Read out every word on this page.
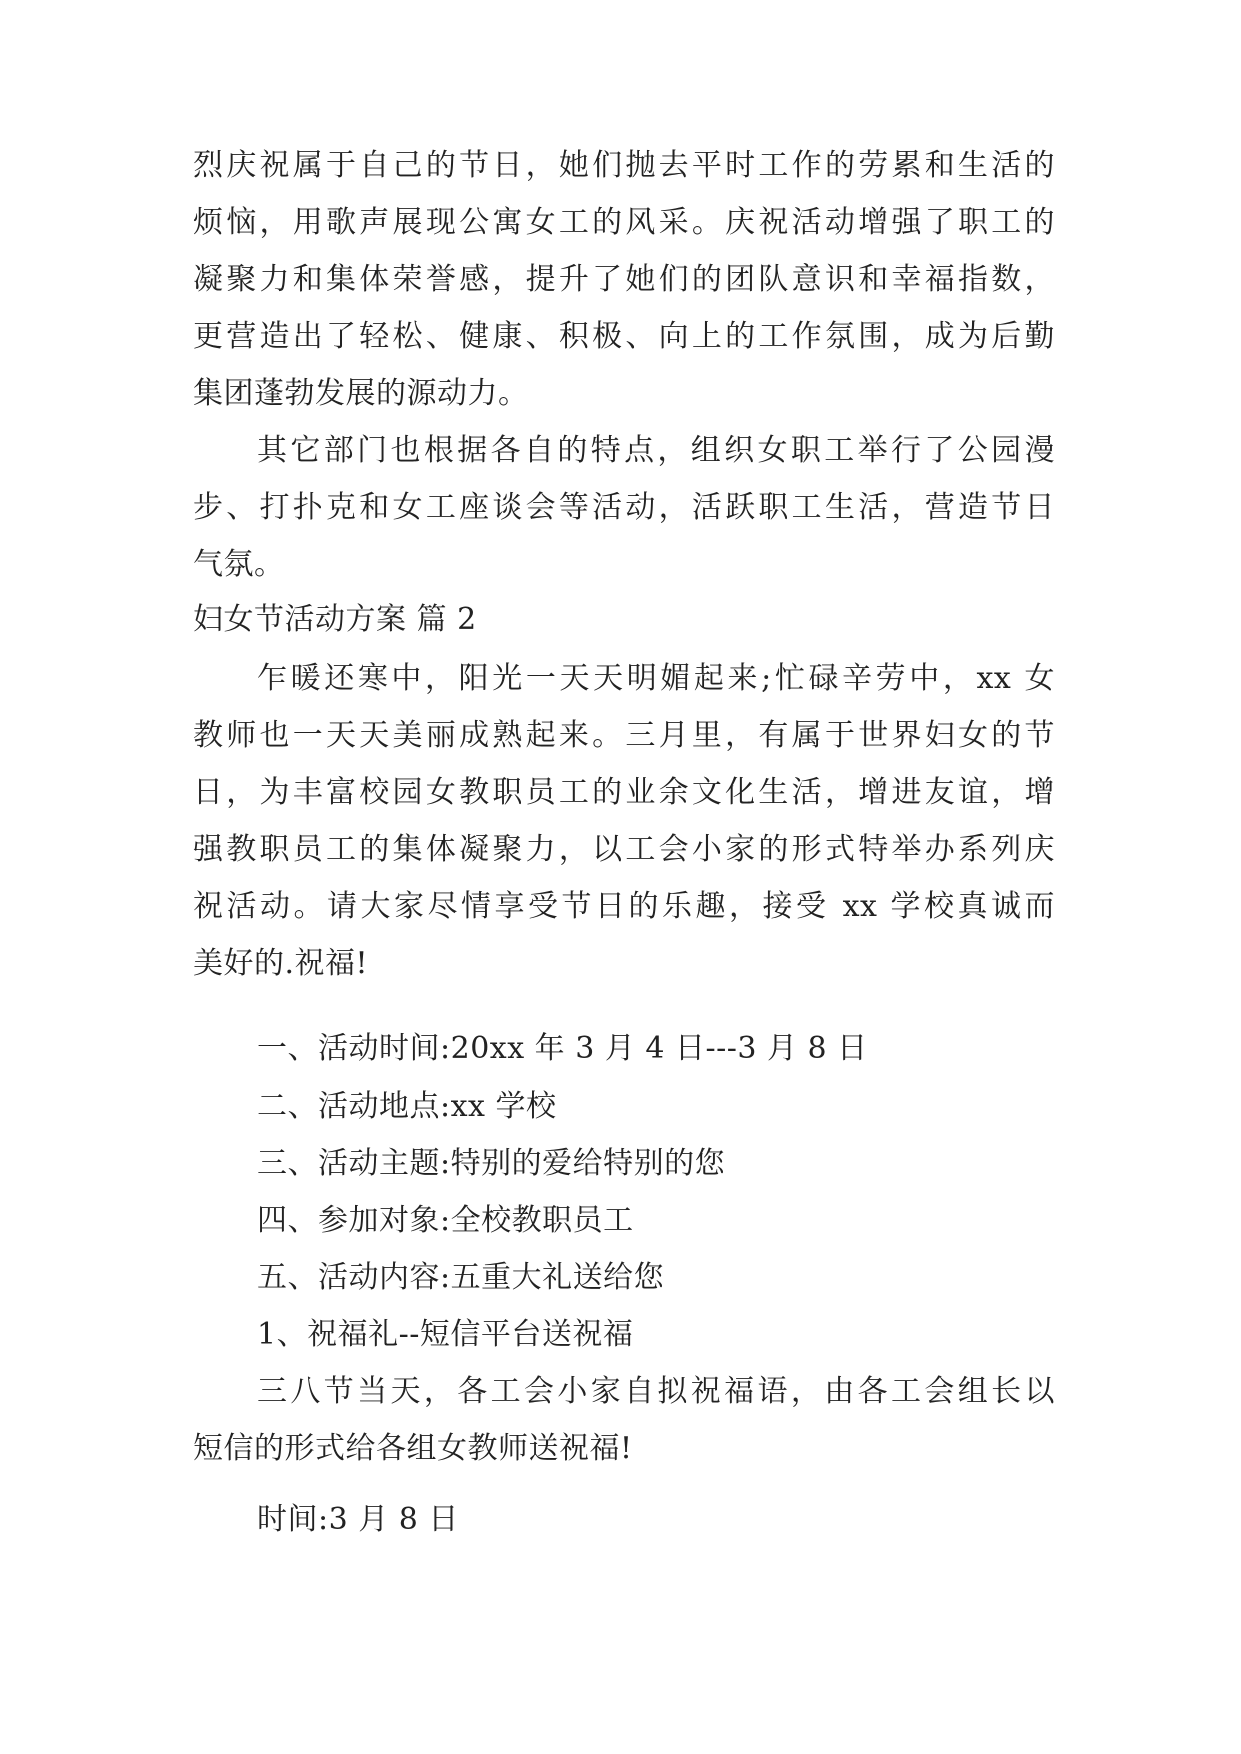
烈庆祝属于自己的节日，她们抛去平时工作的劳累和生活的

烦恼，用歌声展现公寓女工的风采。庆祝活动增强了职工的

凝聚力和集体荣誉感，提升了她们的团队意识和幸福指数，

更营造出了轻松、健康、积极、向上的工作氛围，成为后勤

集团蓬勃发展的源动力。

其它部门也根据各自的特点，组织女职工举行了公园漫

步、打扑克和女工座谈会等活动，活跃职工生活，营造节日

气氛。

妇女节活动方案 篇 2

乍暖还寒中，阳光一天天明媚起来;忙碌辛劳中，xx 女

教师也一天天美丽成熟起来。三月里，有属于世界妇女的节

日，为丰富校园女教职员工的业余文化生活，增进友谊，增

强教职员工的集体凝聚力，以工会小家的形式特举办系列庆

祝活动。请大家尽情享受节日的乐趣，接受 xx 学校真诚而

美好的.祝福!

一、活动时间:20xx 年 3 月 4 日---3 月 8 日

二、活动地点:xx 学校

三、活动主题:特别的爱给特别的您

四、参加对象:全校教职员工

五、活动内容:五重大礼送给您

1、祝福礼--短信平台送祝福

三八节当天，各工会小家自拟祝福语，由各工会组长以

短信的形式给各组女教师送祝福!

时间:3 月 8 日
